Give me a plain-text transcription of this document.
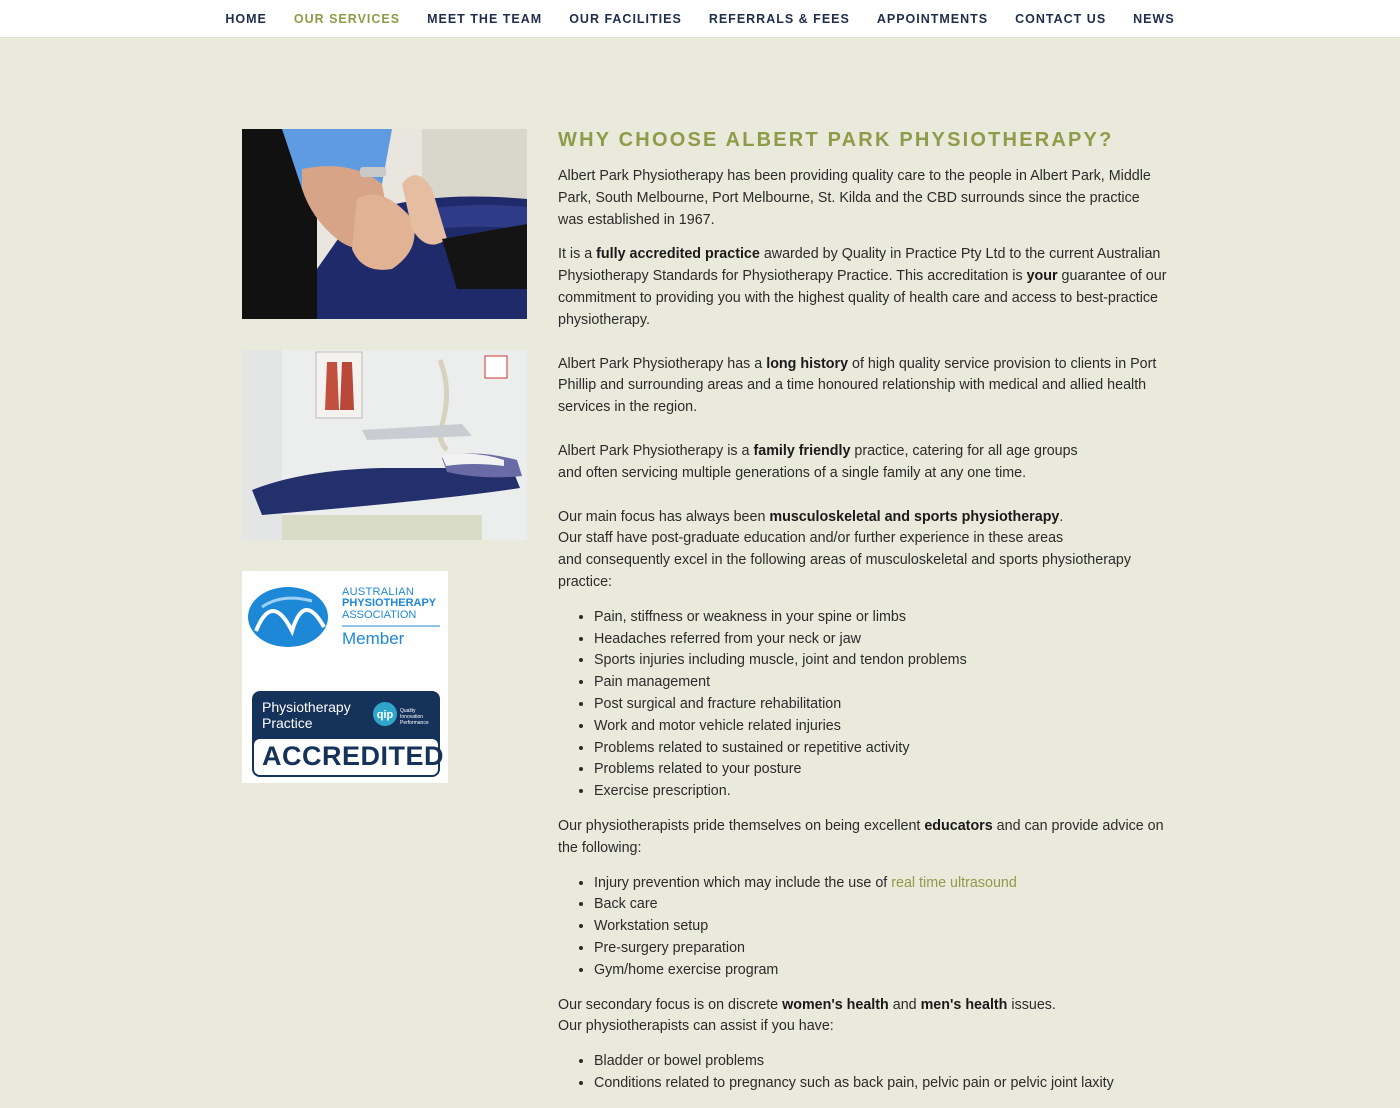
HOME OUR SERVICES MEET THE TEAM OUR FACILITIES REFERRALS & FEES APPOINTMENTS CONTACT US NEWS
qip
AUSTRALIAN
PHYSIOTHERAPY
ASSOCIATION
Member
Physiotherapy
Practice
Quality
Innovation
Performance
ACCREDITED
WHY CHOOSE ALBERT PARK PHYSIOTHERAPY?

Albert Park Physiotherapy has been providing quality care to the people in Albert Park, Middle Park, South Melbourne, Port Melbourne, St. Kilda and the CBD surrounds since the practice was established in 1967.

It is a fully accredited practice awarded by Quality in Practice Pty Ltd to the current Australian Physiotherapy Standards for Physiotherapy Practice. This accreditation is your guarantee of our commitment to providing you with the highest quality of health care and access to best-practice physiotherapy.

Albert Park Physiotherapy has a long history of high quality service provision to clients in Port Phillip and surrounding areas and a time honoured relationship with medical and allied health services in the region.

Albert Park Physiotherapy is a family friendly practice, catering for all age groups
and often servicing multiple generations of a single family at any one time.

Our main focus has always been musculoskeletal and sports physiotherapy.
Our staff have post-graduate education and/or further experience in these areas
and consequently excel in the following areas of musculoskeletal and sports physiotherapy practice:

• Pain, stiffness or weakness in your spine or limbs
• Headaches referred from your neck or jaw
• Sports injuries including muscle, joint and tendon problems
• Pain management
• Post surgical and fracture rehabilitation
• Work and motor vehicle related injuries
• Problems related to sustained or repetitive activity
• Problems related to your posture
• Exercise prescription.

Our physiotherapists pride themselves on being excellent educators and can provide advice on the following:

• Injury prevention which may include the use of real time ultrasound
• Back care
• Workstation setup
• Pre-surgery preparation
• Gym/home exercise program

Our secondary focus is on discrete women's health and men's health issues.
Our physiotherapists can assist if you have:

• Bladder or bowel problems
• Conditions related to pregnancy such as back pain, pelvic pain or pelvic joint laxity
